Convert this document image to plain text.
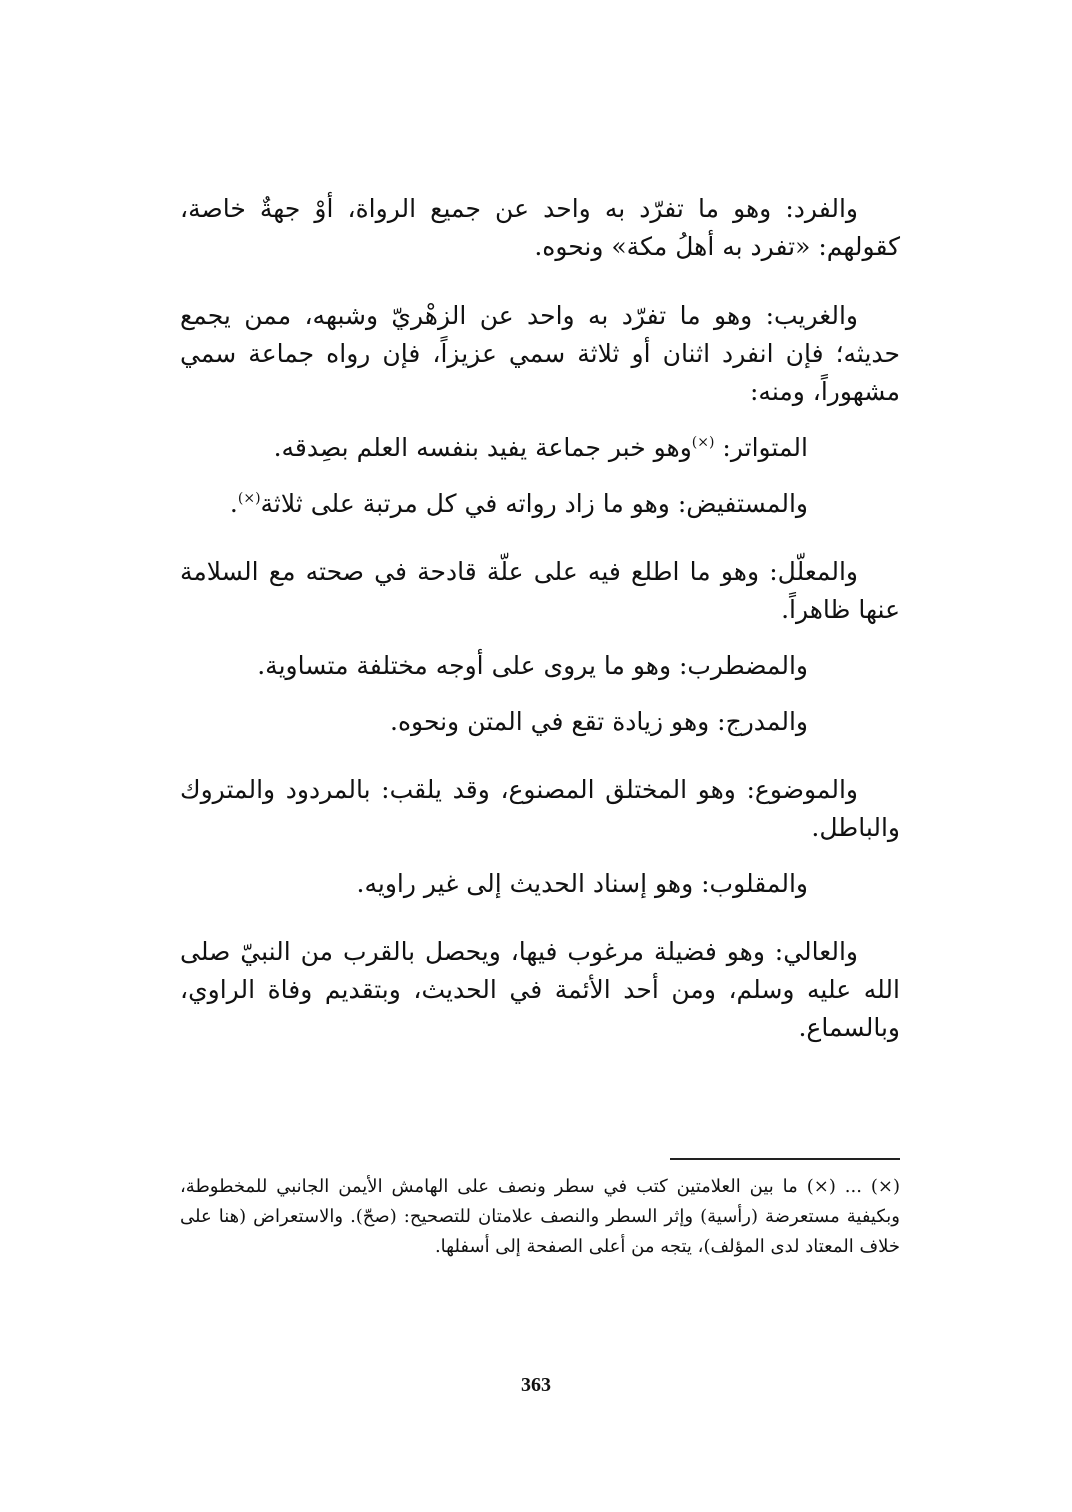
والفرد: وهو ما تفرّد به واحد عن جميع الرواة، أوْ جهةٌ خاصة، كقولهم: «تفرد به أهلُ مكة» ونحوه.

والغريب: وهو ما تفرّد به واحد عن الزهْريّ وشبهه، ممن يجمع حديثه؛ فإن انفرد اثنان أو ثلاثة سمي عزيزاً، فإن رواه جماعة سمي مشهوراً، ومنه:

المتواتر: (×)وهو خبر جماعة يفيد بنفسه العلم بصِدقه.

والمستفيض: وهو ما زاد رواته في كل مرتبة على ثلاثة(×).

والمعلّل: وهو ما اطلع فيه على علّة قادحة في صحته مع السلامة عنها ظاهراً.

والمضطرب: وهو ما يروى على أوجه مختلفة متساوية.

والمدرج: وهو زيادة تقع في المتن ونحوه.

والموضوع: وهو المختلق المصنوع، وقد يلقب: بالمردود والمتروك والباطل.

والمقلوب: وهو إسناد الحديث إلى غير راويه.

والعالي: وهو فضيلة مرغوب فيها، ويحصل بالقرب من النبيّ صلى الله عليه وسلم، ومن أحد الأئمة في الحديث، وبتقديم وفاة الراوي، وبالسماع.

(×) ... (×) ما بين العلامتين كتب في سطر ونصف على الهامش الأيمن الجانبي للمخطوطة، وبكيفية مستعرضة (رأسية) وإثر السطر والنصف علامتان للتصحيح: (صحّ). والاستعراض (هنا على خلاف المعتاد لدى المؤلف)، يتجه من أعلى الصفحة إلى أسفلها.

363
